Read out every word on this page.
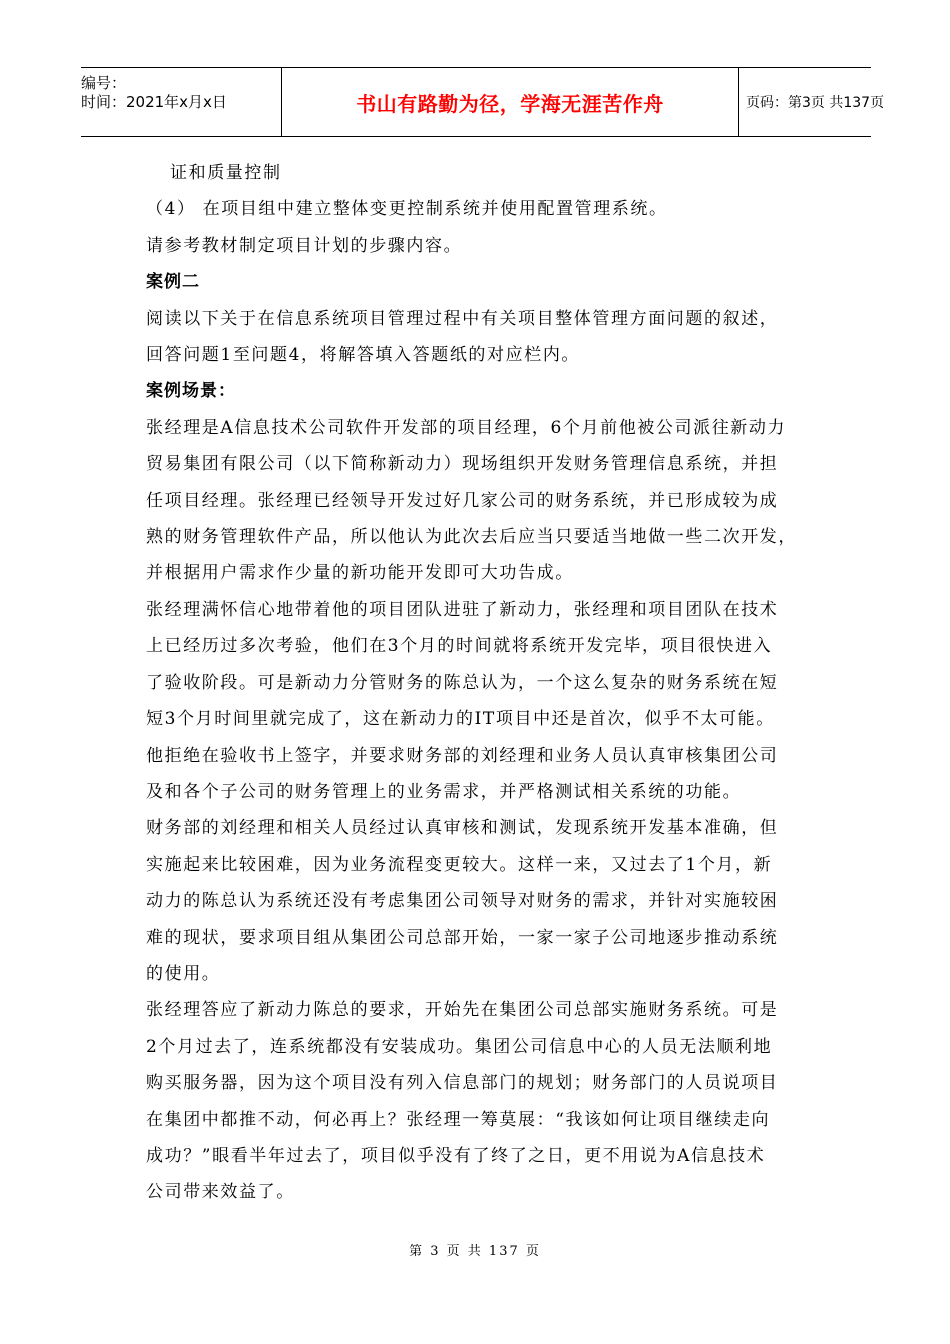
编号：
时间：2021年x月x日	书山有路勤为径，学海无涯苦作舟	页码：第3页 共137页
证和质量控制
（4） 在项目组中建立整体变更控制系统并使用配置管理系统。
请参考教材制定项目计划的步骤内容。
案例二
阅读以下关于在信息系统项目管理过程中有关项目整体管理方面问题的叙述，
回答问题1至问题4，将解答填入答题纸的对应栏内。
案例场景：
张经理是A信息技术公司软件开发部的项目经理，6个月前他被公司派往新动力
贸易集团有限公司（以下简称新动力）现场组织开发财务管理信息系统，并担
任项目经理。张经理已经领导开发过好几家公司的财务系统，并已形成较为成
熟的财务管理软件产品，所以他认为此次去后应当只要适当地做一些二次开发，
并根据用户需求作少量的新功能开发即可大功告成。
张经理满怀信心地带着他的项目团队进驻了新动力，张经理和项目团队在技术
上已经历过多次考验，他们在3个月的时间就将系统开发完毕，项目很快进入
了验收阶段。可是新动力分管财务的陈总认为，一个这么复杂的财务系统在短
短3个月时间里就完成了，这在新动力的IT项目中还是首次，似乎不太可能。
他拒绝在验收书上签字，并要求财务部的刘经理和业务人员认真审核集团公司
及和各个子公司的财务管理上的业务需求，并严格测试相关系统的功能。
财务部的刘经理和相关人员经过认真审核和测试，发现系统开发基本准确，但
实施起来比较困难，因为业务流程变更较大。这样一来，又过去了1个月，新
动力的陈总认为系统还没有考虑集团公司领导对财务的需求，并针对实施较困
难的现状，要求项目组从集团公司总部开始，一家一家子公司地逐步推动系统
的使用。
张经理答应了新动力陈总的要求，开始先在集团公司总部实施财务系统。可是
2个月过去了，连系统都没有安装成功。集团公司信息中心的人员无法顺利地
购买服务器，因为这个项目没有列入信息部门的规划；财务部门的人员说项目
在集团中都推不动，何必再上？张经理一筹莫展：“我该如何让项目继续走向
成功？”眼看半年过去了，项目似乎没有了终了之日，更不用说为A信息技术
公司带来效益了。
第 3 页 共 137 页
